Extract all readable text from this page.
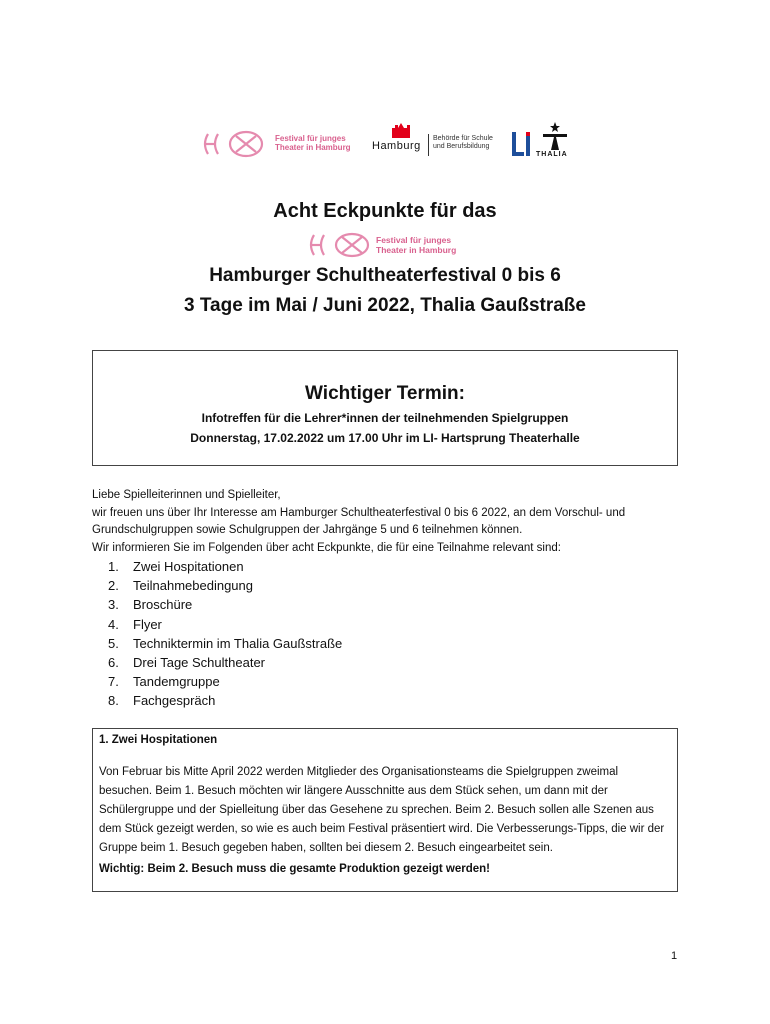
Festival für junges
Theater in Hamburg Hamburg
Behörde für Schule
und Berufsbildung
THALIA
Acht Eckpunkte für das
Festival für junges
Theater in Hamburg
Hamburger Schultheaterfestival 0 bis 6
3 Tage im Mai / Juni 2022, Thalia Gaußstraße
Wichtiger Termin:
Infotreffen für die Lehrer*innen der teilnehmenden Spielgruppen
Donnerstag, 17.02.2022 um 17.00 Uhr im LI- Hartsprung Theaterhalle

Liebe Spielleiterinnen und Spielleiter,

wir freuen uns über Ihr Interesse am Hamburger Schultheaterfestival 0 bis 6 2022, an dem Vorschul- und Grundschulgruppen sowie Schulgruppen der Jahrgänge 5 und 6 teilnehmen können.

Wir informieren Sie im Folgenden über acht Eckpunkte, die für eine Teilnahme relevant sind:

1.	Zwei Hospitationen
2.	Teilnahmebedingung
3.	Broschüre
4.	Flyer
5.	Techniktermin im Thalia Gaußstraße
6.	Drei Tage Schultheater
7.	Tandemgruppe
8.	Fachgespräch
1. Zwei Hospitationen
Von Februar bis Mitte April 2022 werden Mitglieder des Organisationsteams die Spielgruppen zweimal besuchen. Beim 1. Besuch möchten wir längere Ausschnitte aus dem Stück sehen, um dann mit der Schülergruppe und der Spielleitung über das Gesehene zu sprechen. Beim 2. Besuch sollen alle Szenen aus dem Stück gezeigt werden, so wie es auch beim Festival präsentiert wird. Die Verbesserungs-Tipps, die wir der Gruppe beim 1. Besuch gegeben haben, sollten bei diesem 2. Besuch eingearbeitet sein.
Wichtig: Beim 2. Besuch muss die gesamte Produktion gezeigt werden!
1
